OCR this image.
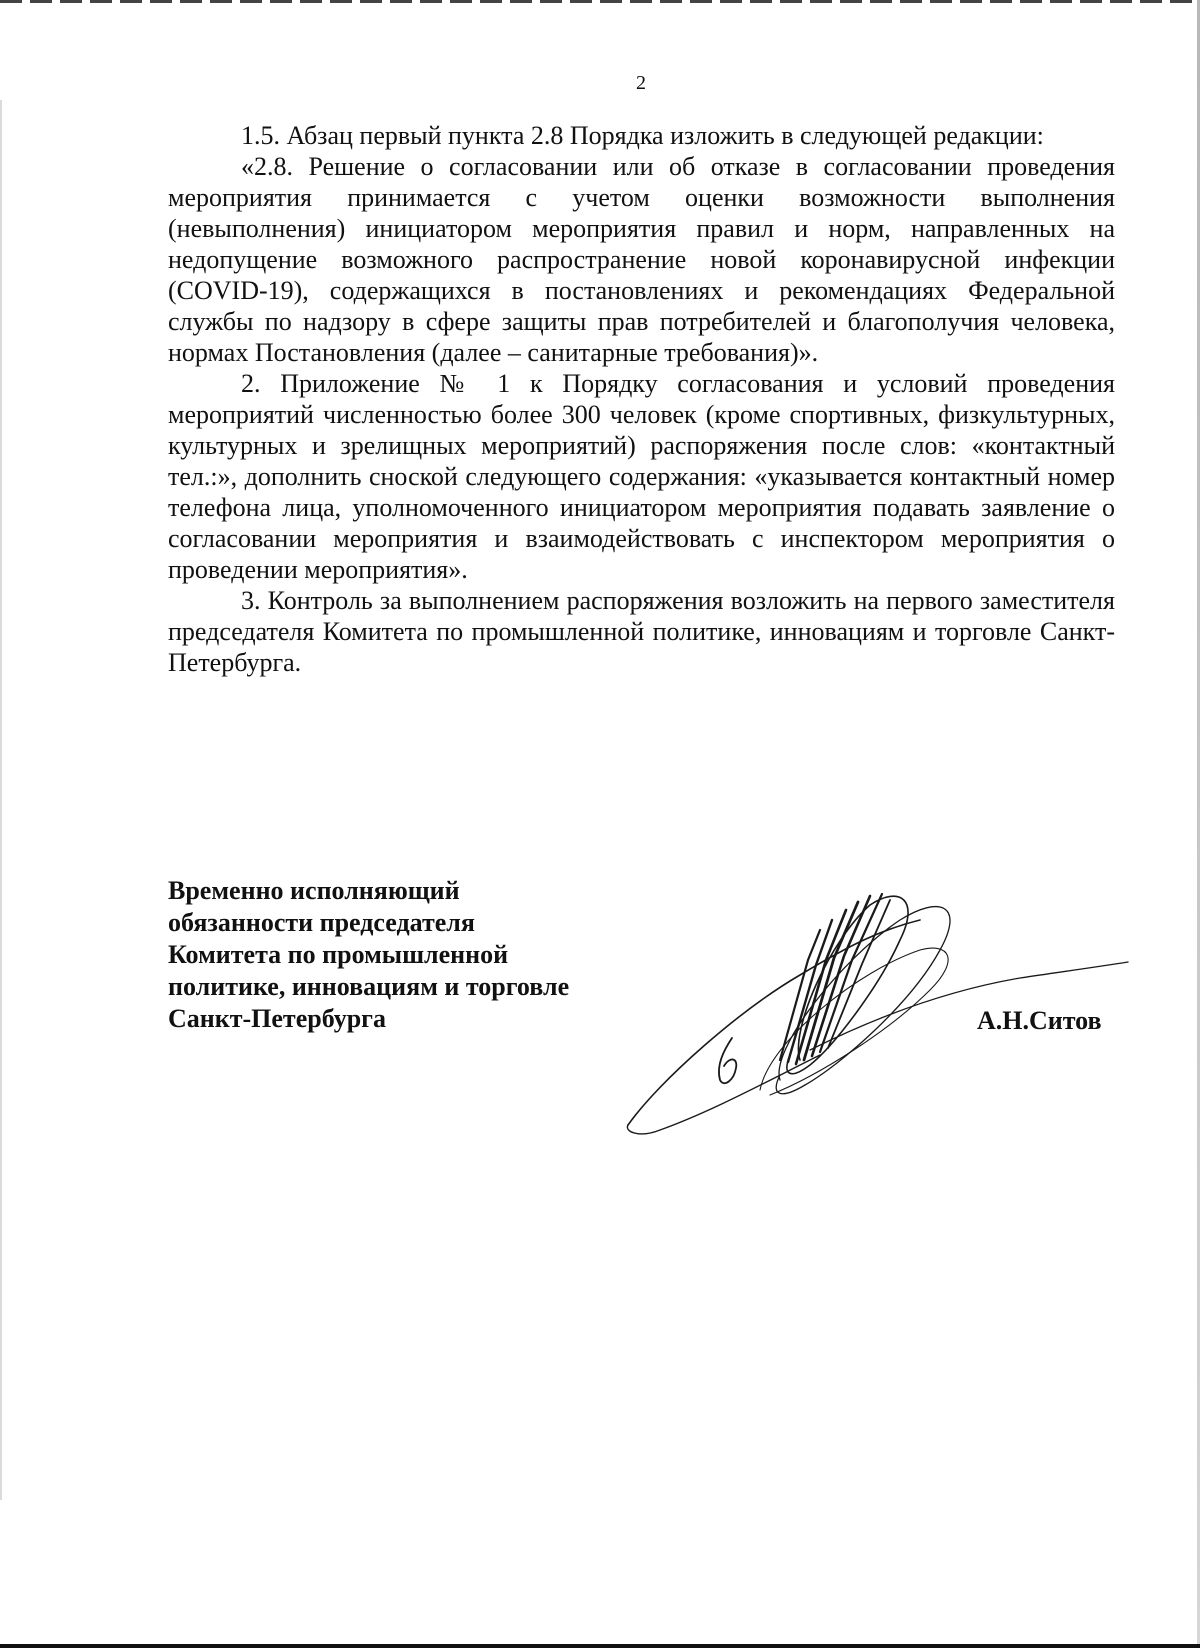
2

1.5. Абзац первый пункта 2.8 Порядка изложить в следующей редакции:

«2.8. Решение о согласовании или об отказе в согласовании проведения мероприятия принимается с учетом оценки возможности выполнения (невыполнения) инициатором мероприятия правил и норм, направленных на недопущение возможного распространение новой коронавирусной инфекции (COVID-19), содержащихся в постановлениях и рекомендациях Федеральной службы по надзору в сфере защиты прав потребителей и благополучия человека, нормах Постановления (далее – санитарные требования)».

2. Приложение № 1 к Порядку согласования и условий проведения мероприятий численностью более 300 человек (кроме спортивных, физкультурных, культурных и зрелищных мероприятий) распоряжения после слов: «контактный тел.:», дополнить сноской следующего содержания: «указывается контактный номер телефона лица, уполномоченного инициатором мероприятия подавать заявление о согласовании мероприятия и взаимодействовать с инспектором мероприятия о проведении мероприятия».

3. Контроль за выполнением распоряжения возложить на первого заместителя председателя Комитета по промышленной политике, инновациям и торговле Санкт-Петербурга.

Временно исполняющий
обязанности председателя
Комитета по промышленной
политике, инновациям и торговле
Санкт-Петербурга	А.Н.Ситов
